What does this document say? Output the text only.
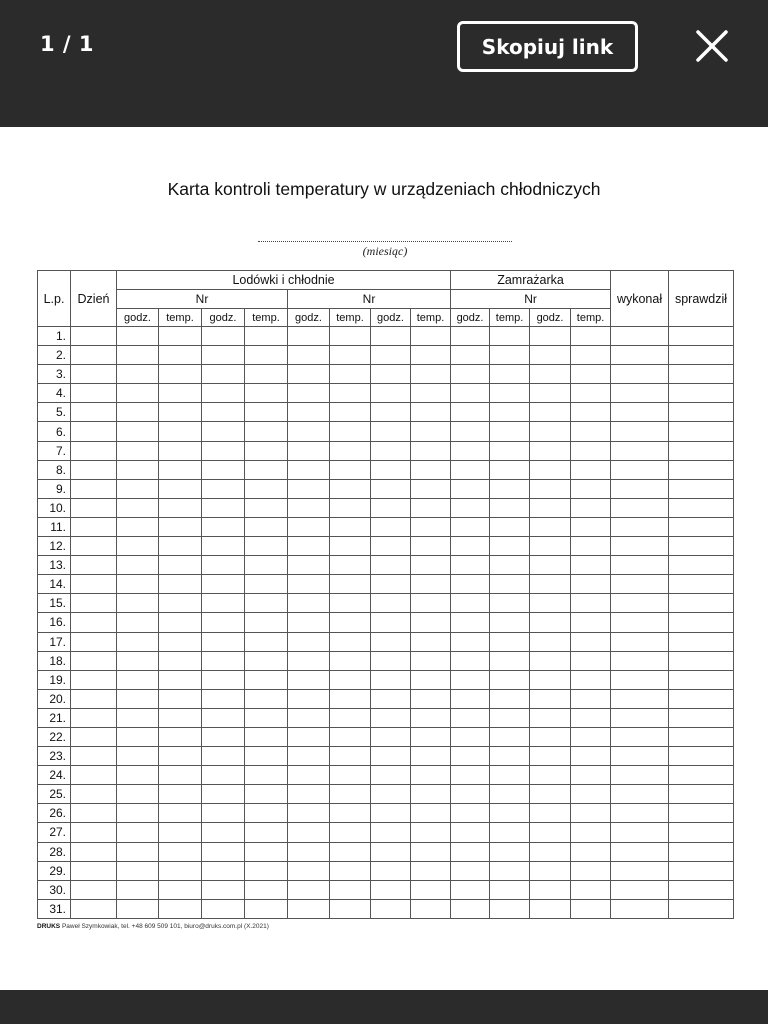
1 / 1	Skopiuj link
Karta kontroli temperatury w urządzeniach chłodniczych
(miesiąc)
L.p.	Dzień	Lodówki i chłodnie								Zamrażarka				wykonał	sprawdził
		Nr				Nr				Nr					
		godz.	temp.	godz.	temp.	godz.	temp.	godz.	temp.	godz.	temp.	godz.	temp.		
1.															
2.															
3.															
4.															
5.															
6.															
7.															
8.															
9.															
10.															
11.															
12.															
13.															
14.															
15.															
16.															
17.															
18.															
19.															
20.															
21.															
22.															
23.															
24.															
25.															
26.															
27.															
28.															
29.															
30.															
31.															
DRUKS Paweł Szymkowiak, tel. +48 609 509 101, biuro@druks.com.pl (X.2021)
